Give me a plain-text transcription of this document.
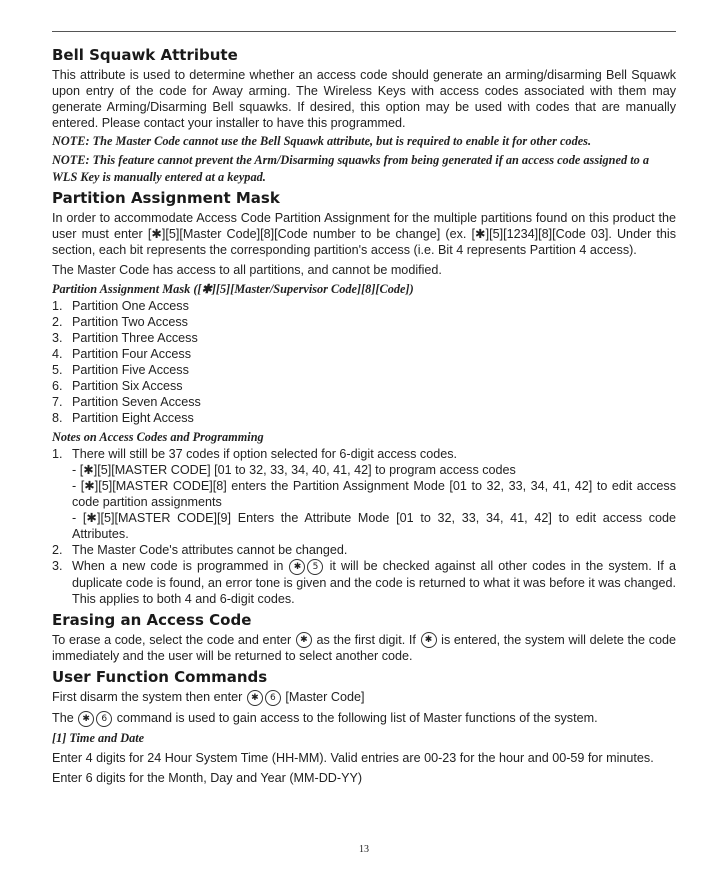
Bell Squawk Attribute

This attribute is used to determine whether an access code should generate an arming/disarming Bell Squawk upon entry of the code for Away arming. The Wireless Keys with access codes associated with them may generate Arming/Disarming Bell squawks. If desired, this option may be used with codes that are manually entered. Please contact your installer to have this programmed.

NOTE: The Master Code cannot use the Bell Squawk attribute, but is required to enable it for other codes.

NOTE: This feature cannot prevent the Arm/Disarming squawks from being generated if an access code assigned to a WLS Key is manually entered at a keypad.

Partition Assignment Mask

In order to accommodate Access Code Partition Assignment for the multiple partitions found on this product the user must enter [✱][5][Master Code][8][Code number to be change] (ex. [✱][5][1234][8][Code 03]. Under this section, each bit represents the corresponding partition's access (i.e. Bit 4 represents Partition 4 access).

The Master Code has access to all partitions, and cannot be modified.

Partition Assignment Mask ([✱][5][Master/Supervisor Code][8][Code])

1. Partition One Access
2. Partition Two Access
3. Partition Three Access
4. Partition Four Access
5. Partition Five Access
6. Partition Six Access
7. Partition Seven Access
8. Partition Eight Access

Notes on Access Codes and Programming

1. There will still be 37 codes if option selected for 6-digit access codes.
- [✱][5][MASTER CODE] [01 to 32, 33, 34, 40, 41, 42] to program access codes
- [✱][5][MASTER CODE][8] enters the Partition Assignment Mode [01 to 32, 33, 34, 41, 42] to edit access code partition assignments
- [✱][5][MASTER CODE][9] Enters the Attribute Mode [01 to 32, 33, 34, 41, 42] to edit access code Attributes.
2. The Master Code's attributes cannot be changed.
3. When a new code is programmed in ✱ 5 it will be checked against all other codes in the system. If a duplicate code is found, an error tone is given and the code is returned to what it was before it was changed. This applies to both 4 and 6-digit codes.
Erasing an Access Code

To erase a code, select the code and enter ✱ as the first digit. If ✱ is entered, the system will delete the code immediately and the user will be returned to select another code.

User Function Commands

First disarm the system then enter ✱ 6 [Master Code]

The ✱ 6 command is used to gain access to the following list of Master functions of the system.

[1] Time and Date

Enter 4 digits for 24 Hour System Time (HH-MM). Valid entries are 00-23 for the hour and 00-59 for minutes.

Enter 6 digits for the Month, Day and Year (MM-DD-YY)

13
